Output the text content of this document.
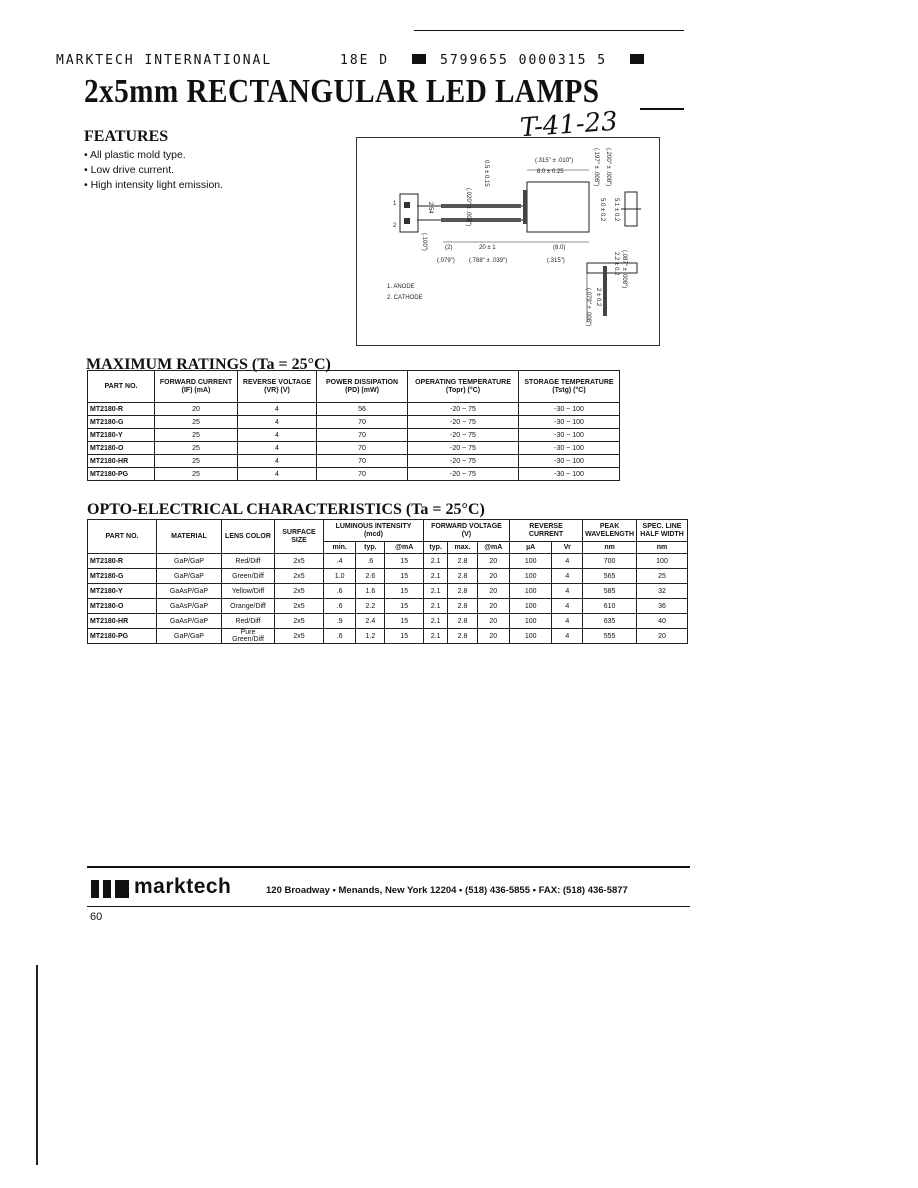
MARKTECH INTERNATIONAL	18E D	5799655 0000315 5
2x5mm RECTANGULAR LED LAMPS
T-41-23
FEATURES
• All plastic mold type.
• Low drive current.
• High intensity light emission.
(.020" ± .006")
0.5 ± 0.15	(.315" ± .010")
8.0 ± 0.25	(.200" ± .008")
5.1 ± 0.2
(.197" ± .008")
5.0 ± 0.2
2.54
(.100")
1
2
(2)	20 ± 1	(8.0)
(.079") (.788" ± .039")	(.315")	(.087" ± .008")
2.2 ± 0.2
2 ± 0.2
(.079" ± .008")
1. ANODE
2. CATHODE
MAXIMUM RATINGS (Ta = 25°C)
PART NO.	FORWARD CURRENT (IF) (mA)	REVERSE VOLTAGE (VR) (V)	POWER DISSIPATION (PD) (mW)	OPERATING TEMPERATURE (Topr) (°C)	STORAGE TEMPERATURE (Tstg) (°C)
MT2180-R	20	4	56	-20 ~ 75	-30 ~ 100
MT2180-G	25	4	70	-20 ~ 75	-30 ~ 100
MT2180-Y	25	4	70	-20 ~ 75	-30 ~ 100
MT2180-O	25	4	70	-20 ~ 75	-30 ~ 100
MT2180-HR	25	4	70	-20 ~ 75	-30 ~ 100
MT2180-PG	25	4	70	-20 ~ 75	-30 ~ 100
OPTO-ELECTRICAL CHARACTERISTICS (Ta = 25°C)
PART NO.	MATERIAL	LENS COLOR	SURFACE SIZE	LUMINOUS INTENSITY (mcd)			FORWARD VOLTAGE (V)			REVERSE CURRENT		PEAK WAVELENGTH	SPEC. LINE HALF WIDTH
				min.	typ.	@mA	typ.	max.	@mA	µA	Vr	nm	nm
MT2180-R	GaP/GaP	Red/Diff	2x5	.4	.6	15	2.1	2.8	20	100	4	700	100
MT2180-G	GaP/GaP	Green/Diff	2x5	1.0	2.6	15	2.1	2.8	20	100	4	565	25
MT2180-Y	GaAsP/GaP	Yellow/Diff	2x5	.6	1.6	15	2.1	2.8	20	100	4	585	32
MT2180-O	GaAsP/GaP	Orange/Diff	2x5	.6	2.2	15	2.1	2.8	20	100	4	610	36
MT2180-HR	GaAsP/GaP	Red/Diff	2x5	.9	2.4	15	2.1	2.8	20	100	4	635	40
MT2180-PG	GaP/GaP	Pure Green/Diff	2x5	.6	1.2	15	2.1	2.8	20	100	4	555	20
marktech	120 Broadway • Menands, New York 12204 • (518) 436-5855 • FAX: (518) 436-5877
60
